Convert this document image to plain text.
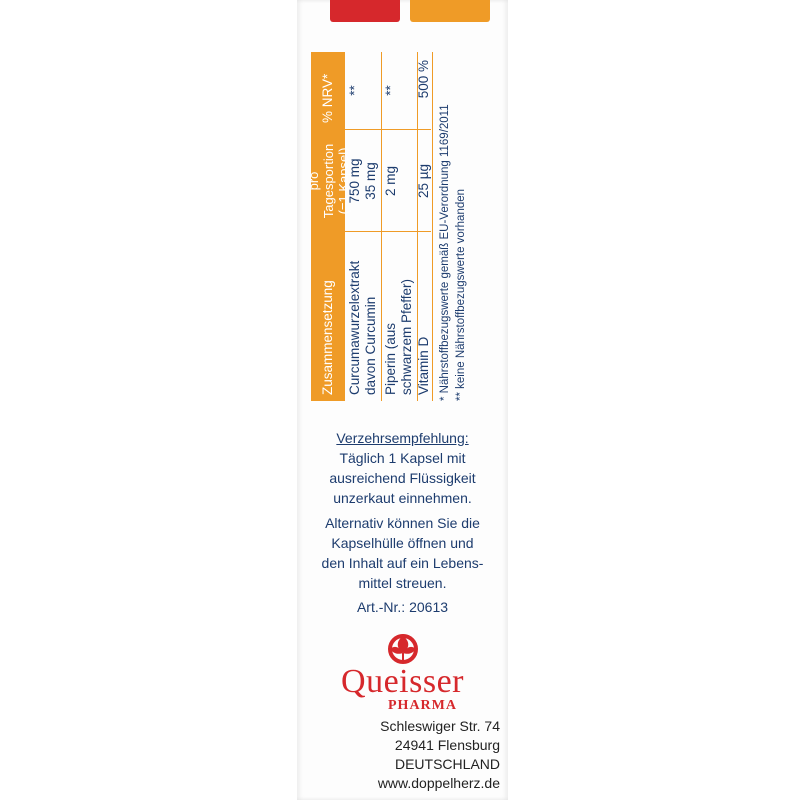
Zusammensetzung
pro Tagesportion
(=1 Kapsel)
% NRV*
Curcumawurzelextrakt
750 mg
**
davon Curcumin
35 mg
Piperin (aus
2 mg
**
schwarzem Pfeffer) Vitamin D
25 µg
500 %
* Nährstoffbezugswerte gemäß EU-Verordnung 1169/2011 ** keine Nährstoffbezugswerte vorhanden
Verzehrsempfehlung:
Täglich 1 Kapsel mit
ausreichend Flüssigkeit
unzerkaut einnehmen.
Alternativ können Sie die
Kapselhülle öffnen und
den Inhalt auf ein Lebens-
mittel streuen.
Art.-Nr.: 20613
Queisser
PHARMA
Schleswiger Str. 74
24941 Flensburg
DEUTSCHLAND
www.doppelherz.de
